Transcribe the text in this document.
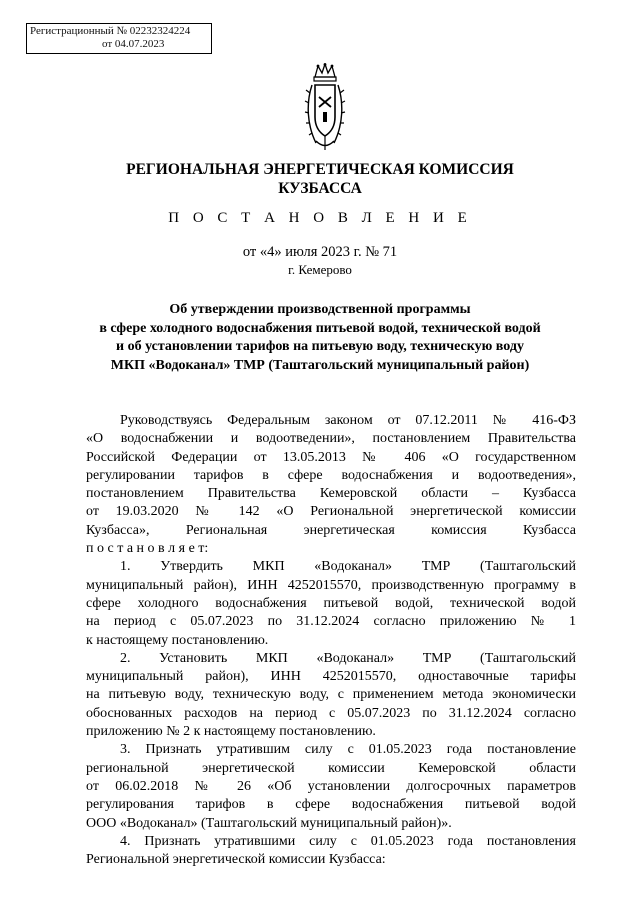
Регистрационный № 02232324224
от 04.07.2023
РЕГИОНАЛЬНАЯ ЭНЕРГЕТИЧЕСКАЯ КОМИССИЯ
КУЗБАССА
П О С Т А Н О В Л Е Н И Е
от «4» июля 2023 г. № 71
г. Кемерово
Об утверждении производственной программы
в сфере холодного водоснабжения питьевой водой, технической водой
и об установлении тарифов на питьевую воду, техническую воду
МКП «Водоканал» ТМР (Таштагольский муниципальный район)

Руководствуясь Федеральным законом от 07.12.2011 № 416-ФЗ
«О водоснабжении и водоотведении», постановлением Правительства
Российской Федерации от 13.05.2013 № 406 «О государственном
регулировании тарифов в сфере водоснабжения и водоотведения»,
постановлением Правительства Кемеровской области – Кузбасса
от 19.03.2020 № 142 «О Региональной энергетической комиссии
Кузбасса», Региональная энергетическая комиссия Кузбасса
п о с т а н о в л я е т:

1. Утвердить МКП «Водоканал» ТМР (Таштагольский
муниципальный район), ИНН 4252015570, производственную программу в
сфере холодного водоснабжения питьевой водой, технической водой
на период с 05.07.2023 по 31.12.2024 согласно приложению № 1
к настоящему постановлению.

2. Установить МКП «Водоканал» ТМР (Таштагольский
муниципальный район), ИНН 4252015570, одноставочные тарифы
на питьевую воду, техническую воду, с применением метода экономически
обоснованных расходов на период с 05.07.2023 по 31.12.2024 согласно
приложению № 2 к настоящему постановлению.

3. Признать утратившим силу с 01.05.2023 года постановление
региональной энергетической комиссии Кемеровской области
от 06.02.2018 № 26 «Об установлении долгосрочных параметров
регулирования тарифов в сфере водоснабжения питьевой водой
ООО «Водоканал» (Таштагольский муниципальный район)».

4. Признать утратившими силу с 01.05.2023 года постановления
Региональной энергетической комиссии Кузбасса:
